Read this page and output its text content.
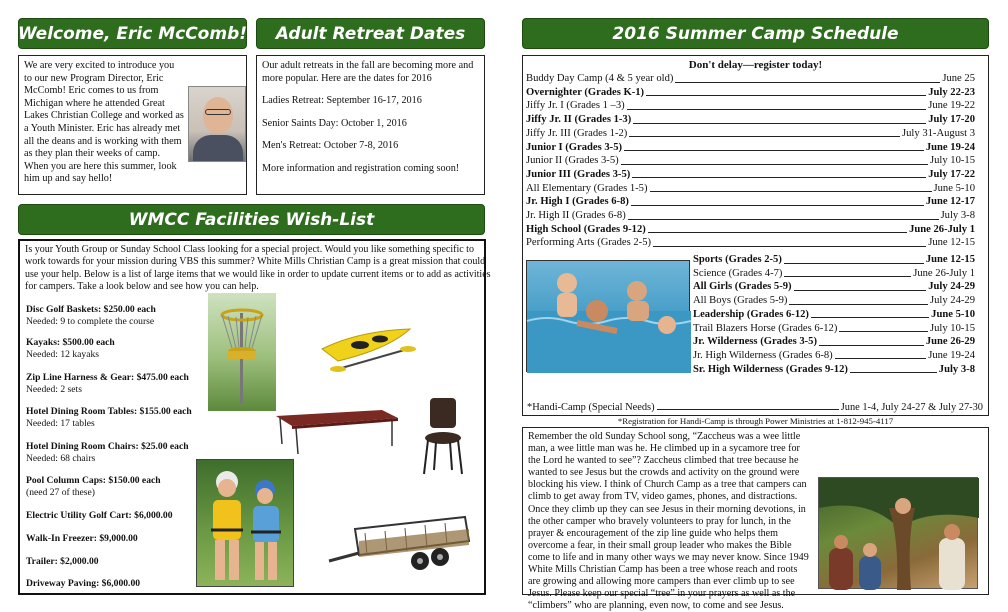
Welcome, Eric McComb!

We are very excited to introduce you to our new Program Director, Eric McComb! Eric comes to us from Michigan where he attended Great Lakes Christian College and worked as a Youth Minister. Eric has already met all the deans and is working with them as they plan their weeks of camp. When you are here this summer, look him up and say hello!

Adult Retreat Dates

Our adult retreats in the fall are becoming more and more popular. Here are the dates for 2016

Ladies Retreat: September 16-17, 2016

Senior Saints Day: October 1, 2016

Men's Retreat: October 7-8, 2016

More information and registration coming soon!

WMCC Facilities Wish-List
Is your Youth Group or Sunday School Class looking for a special project. Would you like something specific to work towards for your mission during VBS this summer? White Mills Christian Camp is a great mission that could use your help. Below is a list of large items that we would like in order to update current items or to add as activities for campers. Take a look below and see how you can help.
Disc Golf Baskets: $250.00 each
Needed: 9 to complete the course
Kayaks: $500.00 each
Needed: 12 kayaks
Zip Line Harness & Gear: $475.00 each
Needed: 2 sets
Hotel Dining Room Tables: $155.00 each
Needed: 17 tables
Hotel Dining Room Chairs: $25.00 each
Needed: 68 chairs
Pool Column Caps: $150.00 each
(need 27 of these)
Electric Utility Golf Cart: $6,000.00
Walk-In Freezer: $9,000.00
Trailer: $2,000.00
Driveway Paving: $6,000.00
2016 Summer Camp Schedule
Don't delay—register today!
Buddy Day Camp (4 & 5 year old)	June 25
Overnighter (Grades K-1)	July 22-23
Jiffy Jr. I (Grades 1 –3)	June 19-22
Jiffy Jr. II (Grades 1-3)	July 17-20
Jiffy Jr. III (Grades 1-2)	July 31-August 3
Junior I (Grades 3-5)	June 19-24
Junior II (Grades 3-5)	July 10-15
Junior III (Grades 3-5)	July 17-22
All Elementary (Grades 1-5)	June 5-10
Jr. High I (Grades 6-8)	June 12-17
Jr. High II (Grades 6-8)	July 3-8
High School (Grades 9-12)	June 26-July 1
Performing Arts (Grades 2-5)	June 12-15
Sports (Grades 2-5)	June 12-15
Science (Grades 4-7)	June 26-July 1
All Girls (Grades 5-9)	July 24-29
All Boys (Grades 5-9)	July 24-29
Leadership (Grades 6-12)	June 5-10
Trail Blazers Horse (Grades 6-12)	July 10-15
Jr. Wilderness (Grades 3-5)	June 26-29
Jr. High Wilderness (Grades 6-8)	June 19-24
Sr. High Wilderness (Grades 9-12)	July 3-8
*Handi-Camp (Special Needs)	June 1-4, July 24-27 & July 27-30
*Registration for Handi-Camp is through Power Ministries at 1-812-945-4117
Remember the old Sunday School song, “Zaccheus was a wee little man, a wee little man was he. He climbed up in a sycamore tree for the Lord he wanted to see”? Zaccheus climbed that tree because he wanted to see Jesus but the crowds and activity on the ground were blocking his view. I think of Church Camp as a tree that campers can climb to get away from TV, video games, phones, and distractions. Once they climb up they can see Jesus in their morning devotions, in the other camper who bravely volunteers to pray for lunch, in the prayer & encouragement of the zip line guide who helps them overcome a fear, in their small group leader who makes the Bible come to life and in many other ways we may never know. Since 1949 White Mills Christian Camp has been a tree whose reach and roots are growing and allowing more campers than ever climb up to see Jesus. Please keep our special “tree” in your prayers as well as the “climbers” who are planning, even now, to come and see Jesus.
